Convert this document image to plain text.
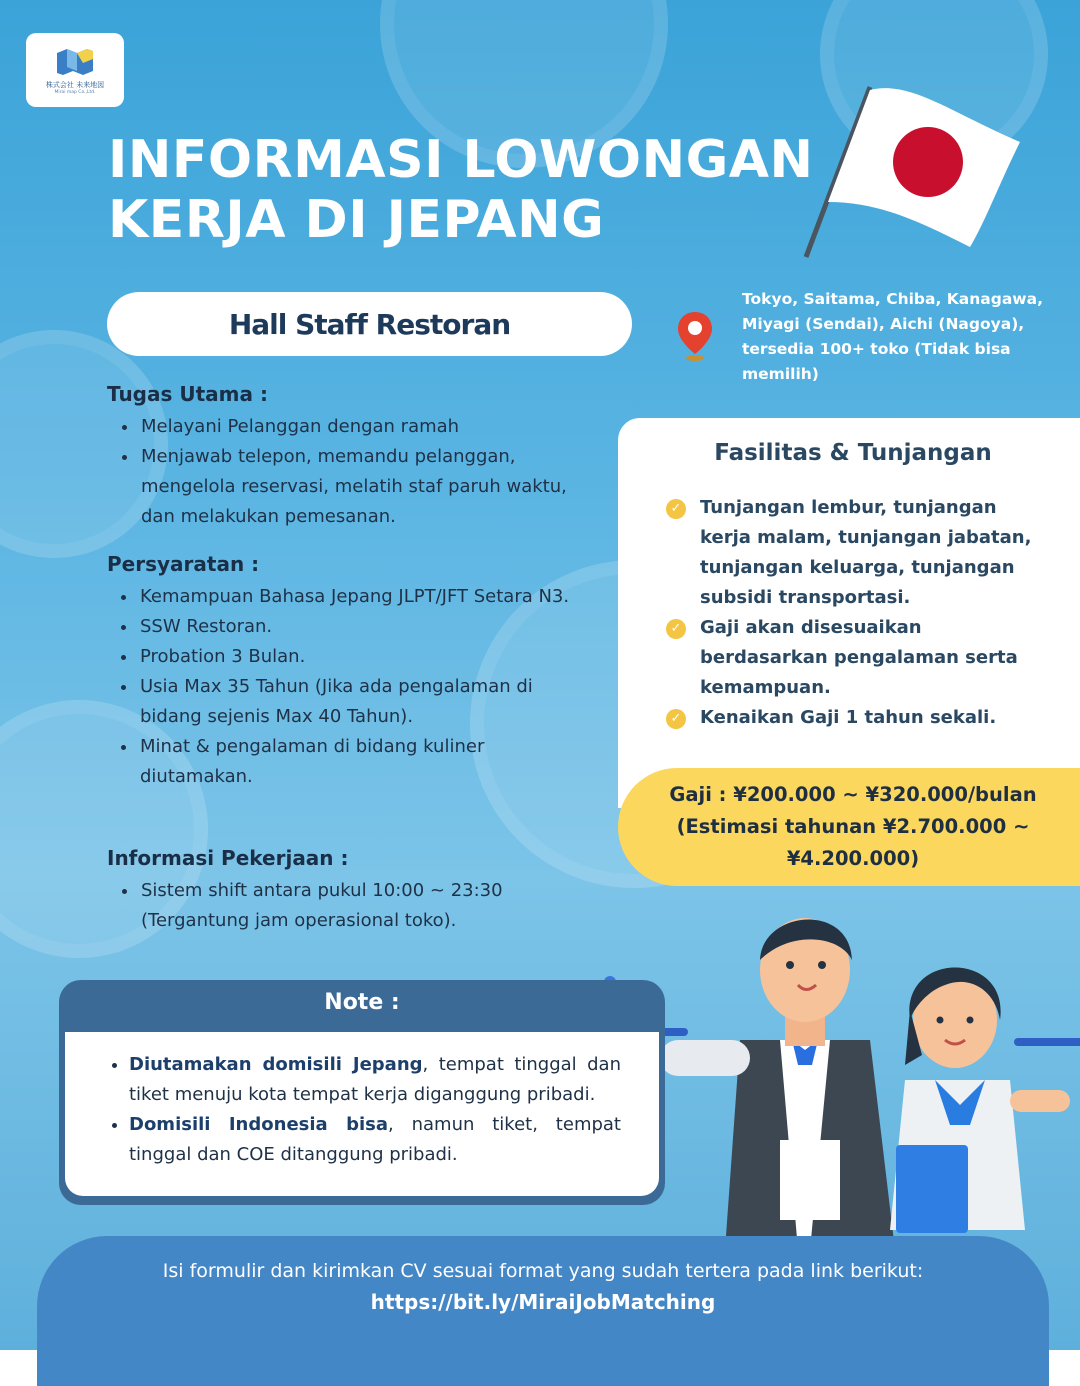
株式会社 未来地図
Mirai map Co.,Ltd.
INFORMASI LOWONGAN
KERJA DI JEPANG
Hall Staff Restoran
Tokyo, Saitama, Chiba, Kanagawa, Miyagi (Sendai), Aichi (Nagoya), tersedia 100+ toko (Tidak bisa memilih)
Tugas Utama :
• Melayani Pelanggan dengan ramah
• Menjawab telepon, memandu pelanggan, mengelola reservasi, melatih staf paruh waktu, dan melakukan pemesanan.
Persyaratan :
• Kemampuan Bahasa Jepang JLPT/JFT Setara N3.
• SSW Restoran.
• Probation 3 Bulan.
• Usia Max 35 Tahun (Jika ada pengalaman di bidang sejenis Max 40 Tahun).
• Minat & pengalaman di bidang kuliner diutamakan.
Informasi Pekerjaan :
• Sistem shift antara pukul 10:00 ~ 23:30 (Tergantung jam operasional toko).
Fasilitas & Tunjangan
✓ Tunjangan lembur, tunjangan kerja malam, tunjangan jabatan, tunjangan keluarga, tunjangan subsidi transportasi.
✓ Gaji akan disesuaikan berdasarkan pengalaman serta kemampuan.
✓ Kenaikan Gaji 1 tahun sekali.
Gaji : ¥200.000 ~ ¥320.000/bulan (Estimasi tahunan ¥2.700.000 ~ ¥4.200.000)
Note :
• Diutamakan domisili Jepang, tempat tinggal dan tiket menuju kota tempat kerja diganggung pribadi.
• Domisili Indonesia bisa, namun tiket, tempat tinggal dan COE ditanggung pribadi.
Isi formulir dan kirimkan CV sesuai format yang sudah tertera pada link berikut:
https://bit.ly/MiraiJobMatching
